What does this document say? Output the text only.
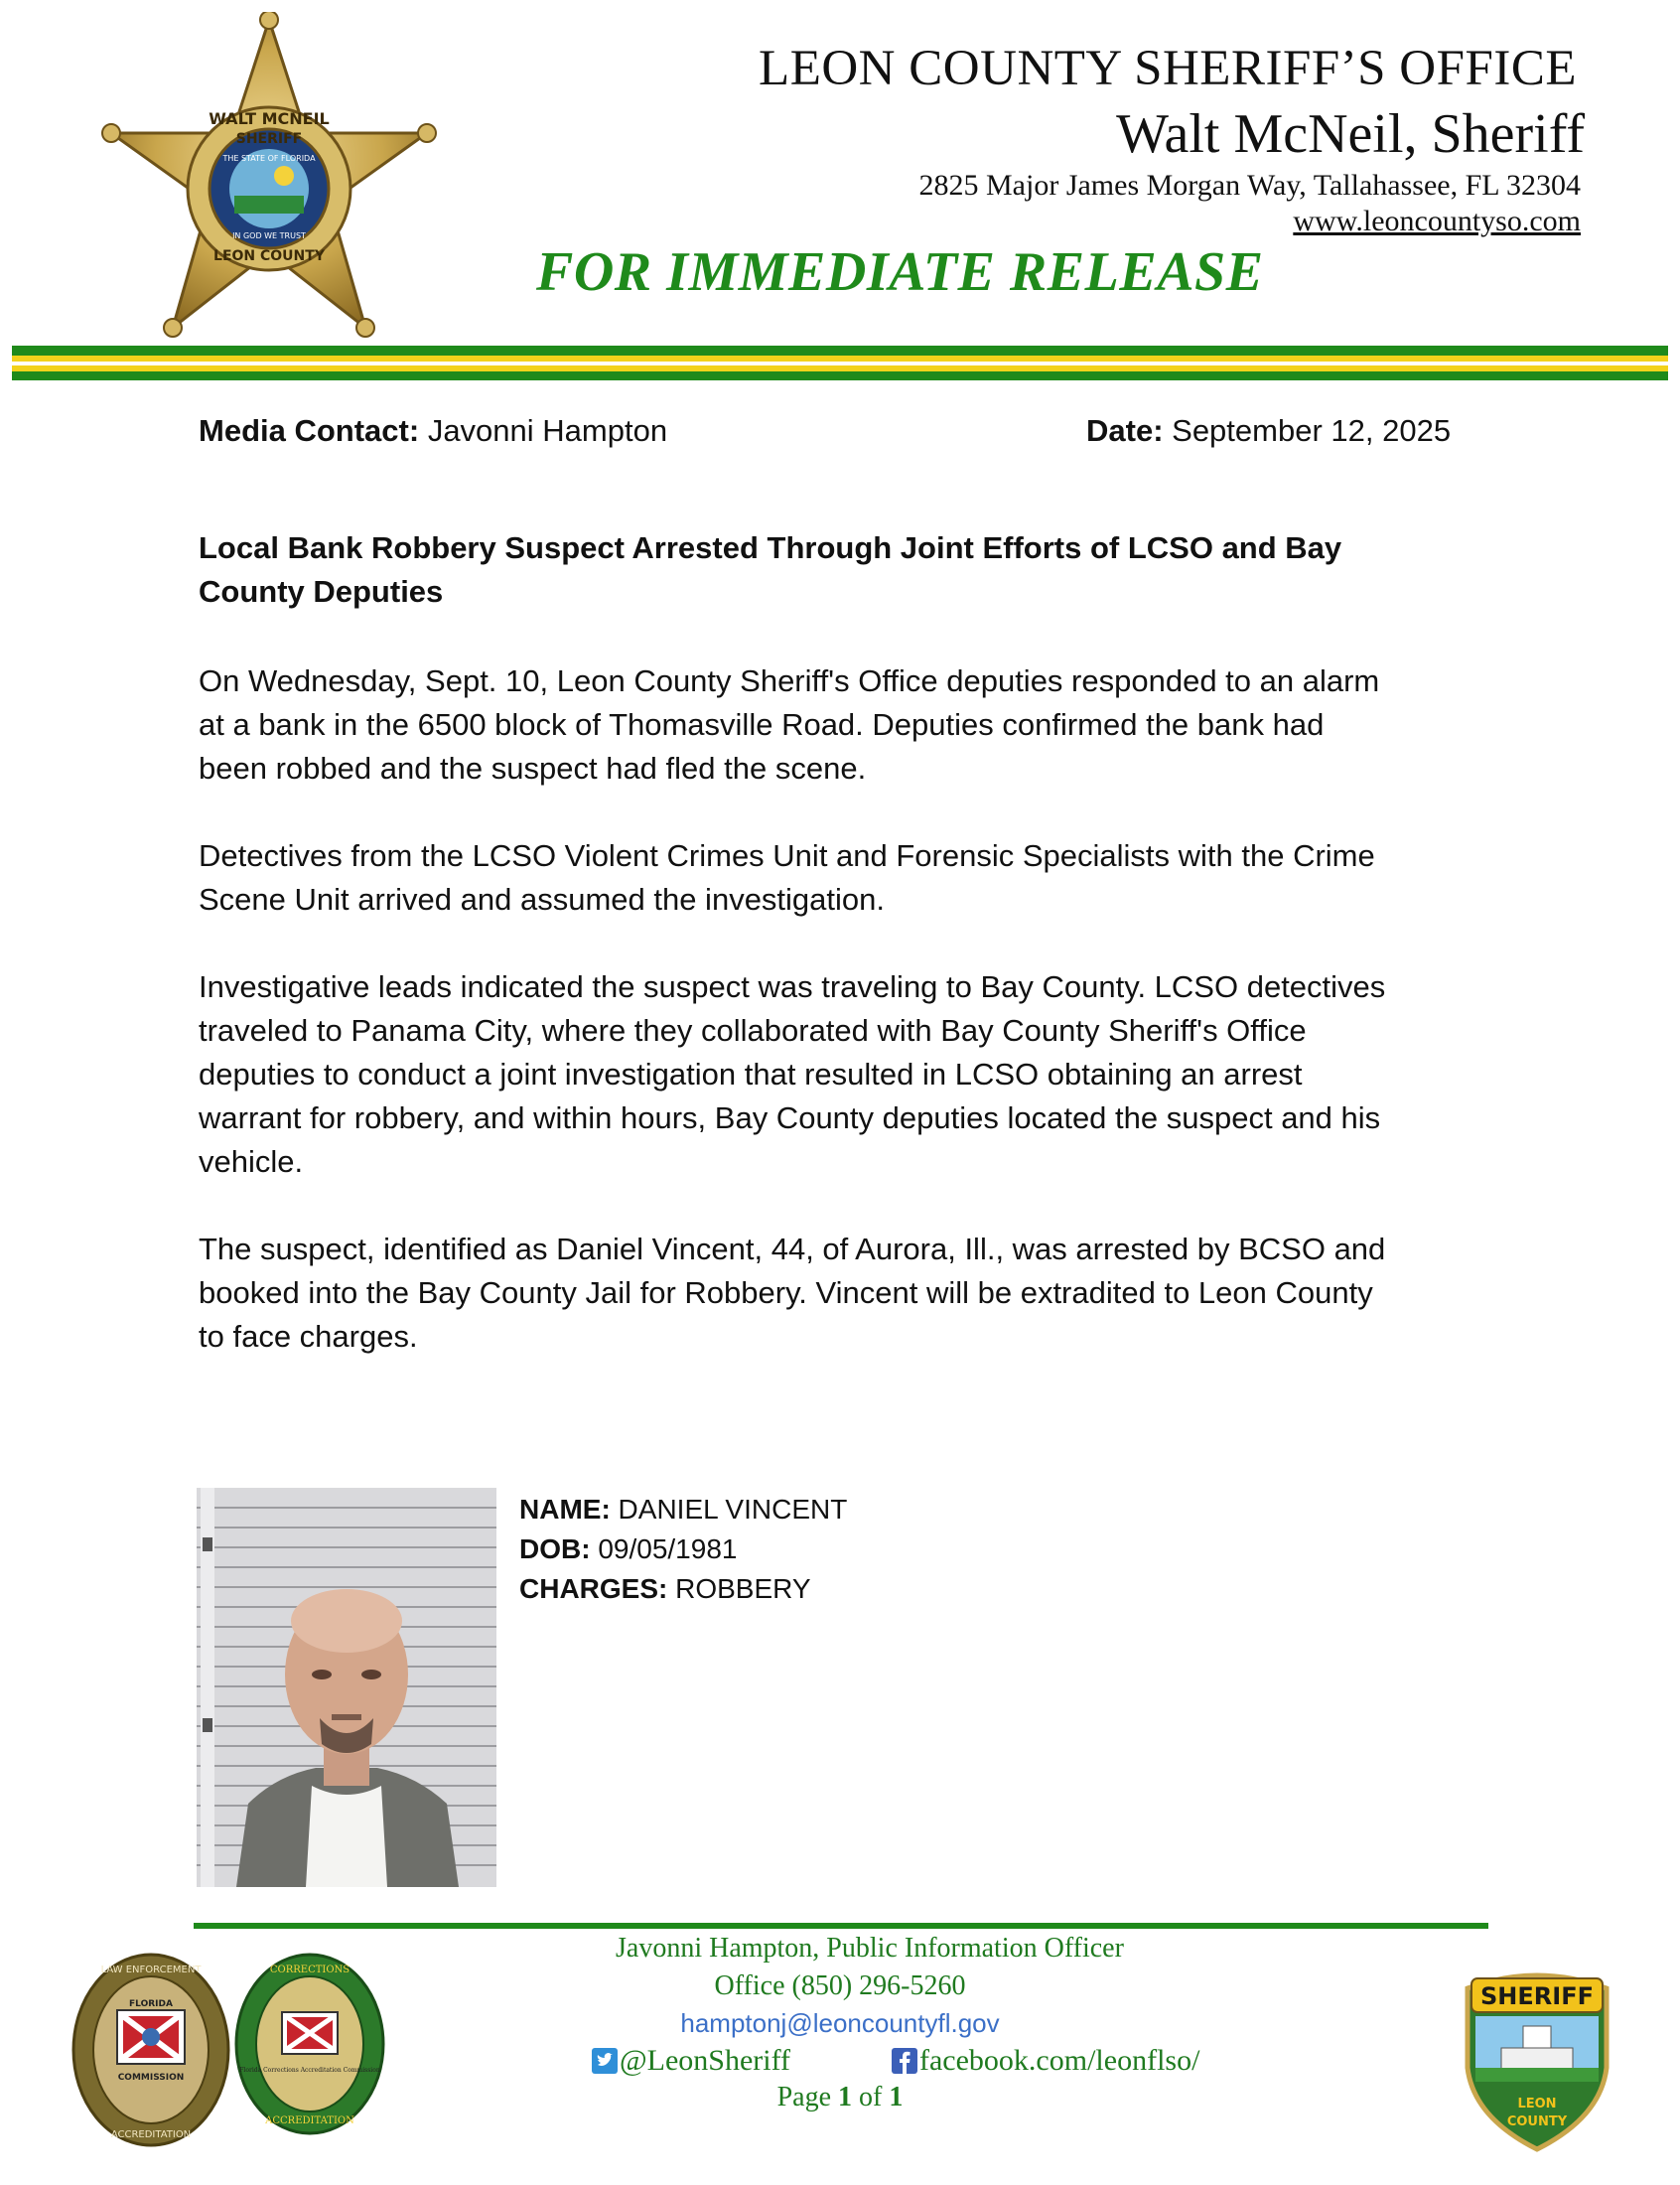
WALT MCNEIL
SHERIFF
LEON COUNTY
THE STATE OF FLORIDA
IN GOD WE TRUST
LEON COUNTY SHERIFF’S OFFICE
Walt McNeil, Sheriff
2825 Major James Morgan Way, Tallahassee, FL 32304
www.leoncountyso.com
FOR IMMEDIATE RELEASE
Media Contact: Javonni Hampton	Date: September 12, 2025
Local Bank Robbery Suspect Arrested Through Joint Efforts of LCSO and Bay
County Deputies
On Wednesday, Sept. 10, Leon County Sheriff's Office deputies responded to an alarm
at a bank in the 6500 block of Thomasville Road. Deputies confirmed the bank had
been robbed and the suspect had fled the scene.
Detectives from the LCSO Violent Crimes Unit and Forensic Specialists with the Crime
Scene Unit arrived and assumed the investigation.
Investigative leads indicated the suspect was traveling to Bay County. LCSO detectives
traveled to Panama City, where they collaborated with Bay County Sheriff's Office
deputies to conduct a joint investigation that resulted in LCSO obtaining an arrest
warrant for robbery, and within hours, Bay County deputies located the suspect and his
vehicle.
The suspect, identified as Daniel Vincent, 44, of Aurora, Ill., was arrested by BCSO and
booked into the Bay County Jail for Robbery. Vincent will be extradited to Leon County
to face charges.
NAME: DANIEL VINCENT
DOB: 09/05/1981
CHARGES: ROBBERY
Javonni Hampton, Public Information Officer
Office (850) 296-5260
hamptonj@leoncountyfl.gov
@LeonSheriff	facebook.com/leonflso/
Page 1 of 1
FLORIDA
COMMISSION
LAW ENFORCEMENT
ACCREDITATION
Florida Corrections Accreditation Commission
CORRECTIONS
ACCREDITATION
SHERIFF
LEON
COUNTY
